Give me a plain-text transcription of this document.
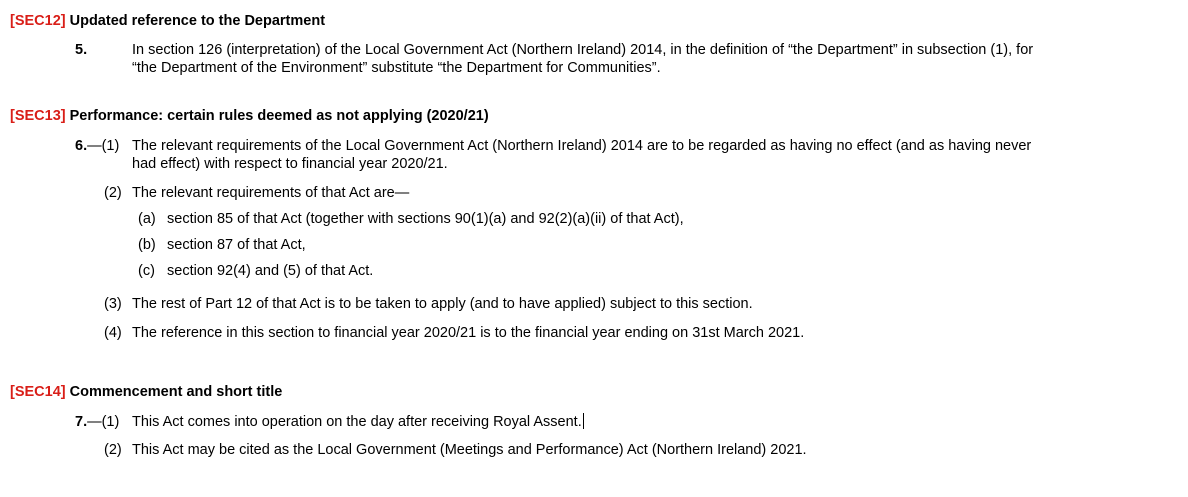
[SEC12] Updated reference to the Department
5.	In section 126 (interpretation) of the Local Government Act (Northern Ireland) 2014, in the definition of “the Department” in subsection (1), for
“the Department of the Environment” substitute “the Department for Communities”.
[SEC13] Performance: certain rules deemed as not applying (2020/21)
6.—(1) The relevant requirements of the Local Government Act (Northern Ireland) 2014 are to be regarded as having no effect (and as having never
had effect) with respect to financial year 2020/21.
(2) The relevant requirements of that Act are—
(a) section 85 of that Act (together with sections 90(1)(a) and 92(2)(a)(ii) of that Act),
(b) section 87 of that Act,
(c) section 92(4) and (5) of that Act.
(3) The rest of Part 12 of that Act is to be taken to apply (and to have applied) subject to this section.
(4) The reference in this section to financial year 2020/21 is to the financial year ending on 31st March 2021.
[SEC14] Commencement and short title
7.—(1) This Act comes into operation on the day after receiving Royal Assent.
(2) This Act may be cited as the Local Government (Meetings and Performance) Act (Northern Ireland) 2021.
